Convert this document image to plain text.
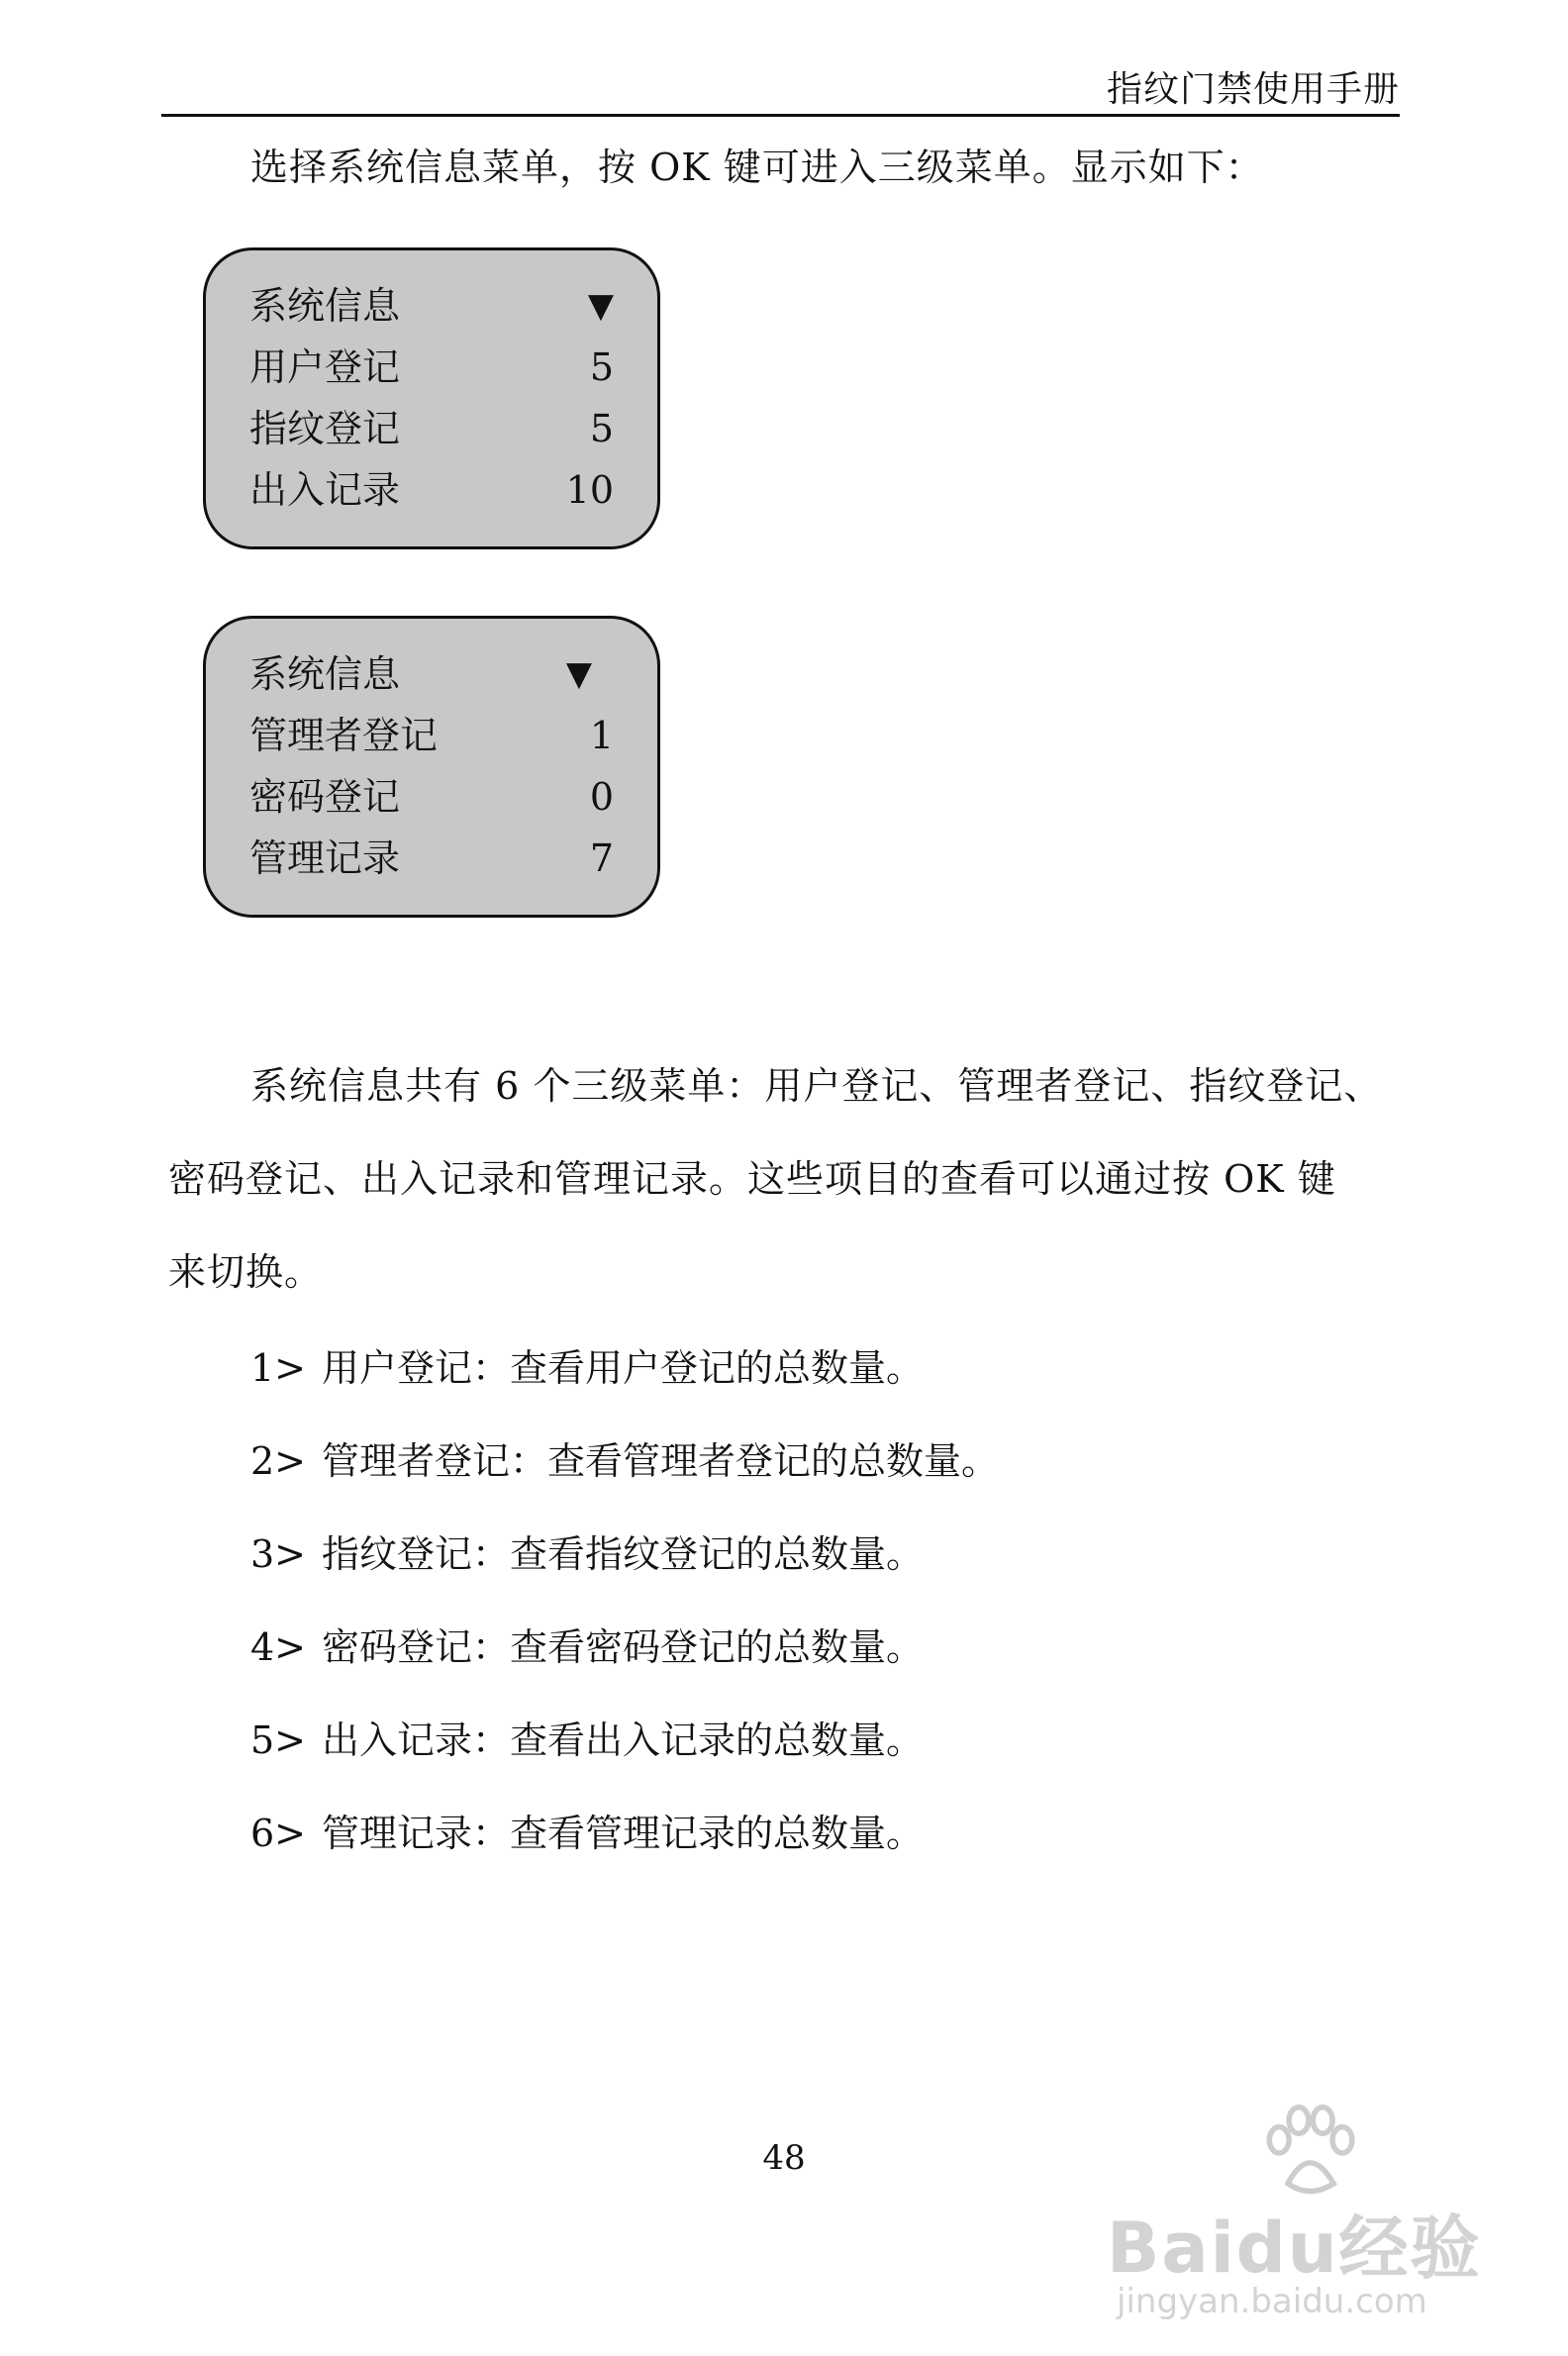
指纹门禁使用手册
选择系统信息菜单，按 OK 键可进入三级菜单。显示如下：
系统信息	▼
用户登记	5
指纹登记	5
出入记录	10
系统信息	▼
管理者登记	1
密码登记	0
管理记录	7
系统信息共有 6 个三级菜单：用户登记、管理者登记、指纹登记、
密码登记、出入记录和管理记录。这些项目的查看可以通过按 OK 键
来切换。
1> 用户登记：查看用户登记的总数量。
2> 管理者登记：查看管理者登记的总数量。
3> 指纹登记：查看指纹登记的总数量。
4> 密码登记：查看密码登记的总数量。
5> 出入记录：查看出入记录的总数量。
6> 管理记录：查看管理记录的总数量。
48
Baidu经验
jingyan.baidu.com
